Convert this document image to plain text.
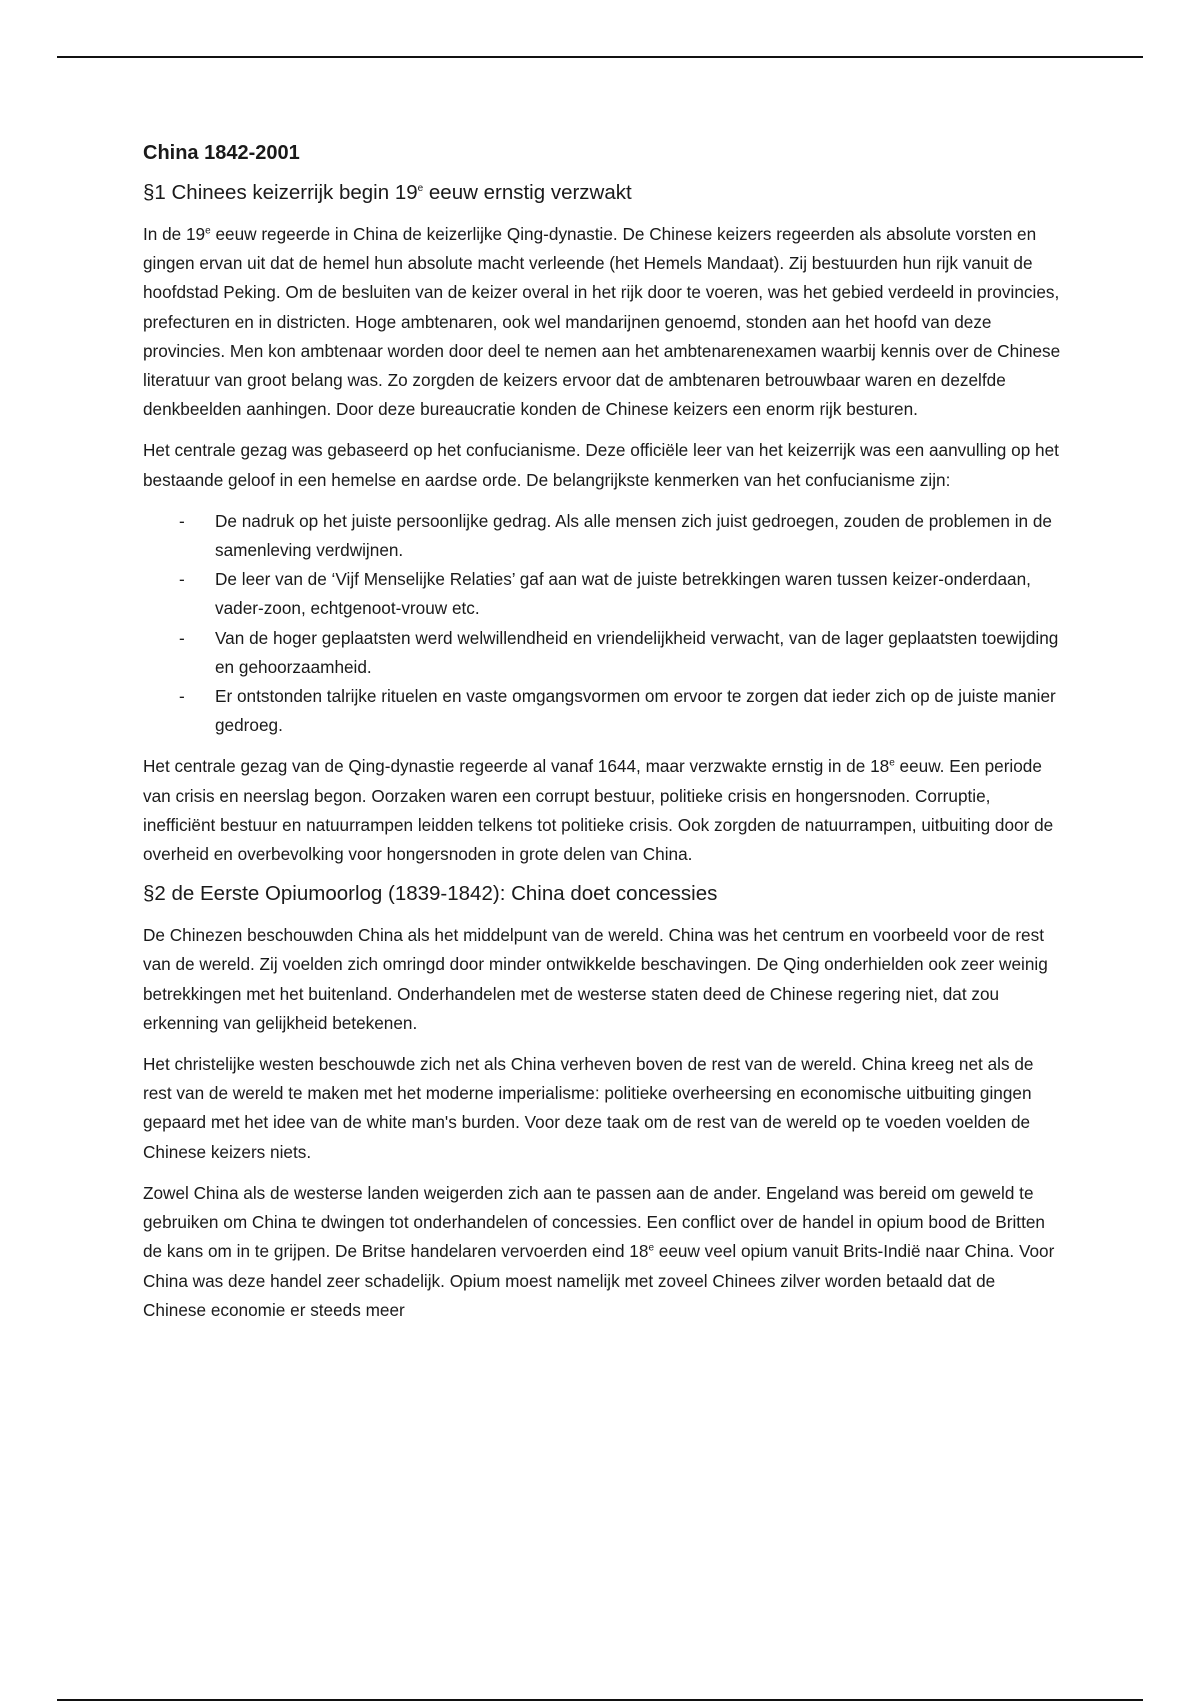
China 1842-2001
§1 Chinees keizerrijk begin 19e eeuw ernstig verzwakt

In de 19e eeuw regeerde in China de keizerlijke Qing-dynastie. De Chinese keizers regeerden als absolute vorsten en gingen ervan uit dat de hemel hun absolute macht verleende (het Hemels Mandaat). Zij bestuurden hun rijk vanuit de hoofdstad Peking. Om de besluiten van de keizer overal in het rijk door te voeren, was het gebied verdeeld in provincies, prefecturen en in districten. Hoge ambtenaren, ook wel mandarijnen genoemd, stonden aan het hoofd van deze provincies. Men kon ambtenaar worden door deel te nemen aan het ambtenarenexamen waarbij kennis over de Chinese literatuur van groot belang was. Zo zorgden de keizers ervoor dat de ambtenaren betrouwbaar waren en dezelfde denkbeelden aanhingen. Door deze bureaucratie konden de Chinese keizers een enorm rijk besturen.

Het centrale gezag was gebaseerd op het confucianisme. Deze officiële leer van het keizerrijk was een aanvulling op het bestaande geloof in een hemelse en aardse orde. De belangrijkste kenmerken van het confucianisme zijn:

- De nadruk op het juiste persoonlijke gedrag. Als alle mensen zich juist gedroegen, zouden de problemen in de samenleving verdwijnen.
- De leer van de ‘Vijf Menselijke Relaties’ gaf aan wat de juiste betrekkingen waren tussen keizer-onderdaan, vader-zoon, echtgenoot-vrouw etc.
- Van de hoger geplaatsten werd welwillendheid en vriendelijkheid verwacht, van de lager geplaatsten toewijding en gehoorzaamheid.
- Er ontstonden talrijke rituelen en vaste omgangsvormen om ervoor te zorgen dat ieder zich op de juiste manier gedroeg.

Het centrale gezag van de Qing-dynastie regeerde al vanaf 1644, maar verzwakte ernstig in de 18e eeuw. Een periode van crisis en neerslag begon. Oorzaken waren een corrupt bestuur, politieke crisis en hongersnoden. Corruptie, inefficiënt bestuur en natuurrampen leidden telkens tot politieke crisis. Ook zorgden de natuurrampen, uitbuiting door de overheid en overbevolking voor hongersnoden in grote delen van China.

§2 de Eerste Opiumoorlog (1839-1842): China doet concessies

De Chinezen beschouwden China als het middelpunt van de wereld. China was het centrum en voorbeeld voor de rest van de wereld. Zij voelden zich omringd door minder ontwikkelde beschavingen. De Qing onderhielden ook zeer weinig betrekkingen met het buitenland. Onderhandelen met de westerse staten deed de Chinese regering niet, dat zou erkenning van gelijkheid betekenen.

Het christelijke westen beschouwde zich net als China verheven boven de rest van de wereld. China kreeg net als de rest van de wereld te maken met het moderne imperialisme: politieke overheersing en economische uitbuiting gingen gepaard met het idee van de white man's burden. Voor deze taak om de rest van de wereld op te voeden voelden de Chinese keizers niets.

Zowel China als de westerse landen weigerden zich aan te passen aan de ander. Engeland was bereid om geweld te gebruiken om China te dwingen tot onderhandelen of concessies. Een conflict over de handel in opium bood de Britten de kans om in te grijpen. De Britse handelaren vervoerden eind 18e eeuw veel opium vanuit Brits-Indië naar China. Voor China was deze handel zeer schadelijk. Opium moest namelijk met zoveel Chinees zilver worden betaald dat de Chinese economie er steeds meer
